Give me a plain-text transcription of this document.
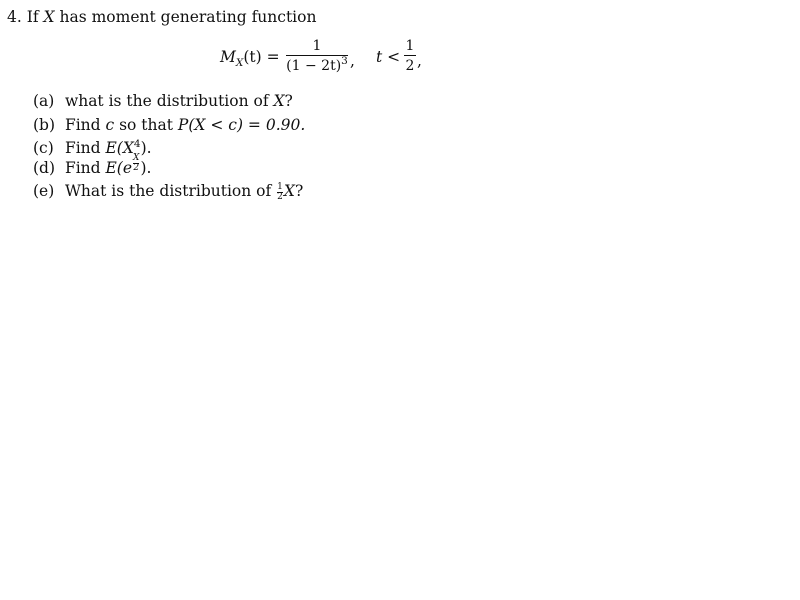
4. If X has moment generating function
$M_X(t)$ =
1
$(1 - 2t)^3$ , t <
1
2 ,
(a) what is the distribution of X?
(b) Find c so that P(X < c) = 0.90.
(c) Find $E(X^4)$.
(d) Find $E(e\frac{X}{2})$.
(e) What is the distribution of $\frac{1}{2}X$?
